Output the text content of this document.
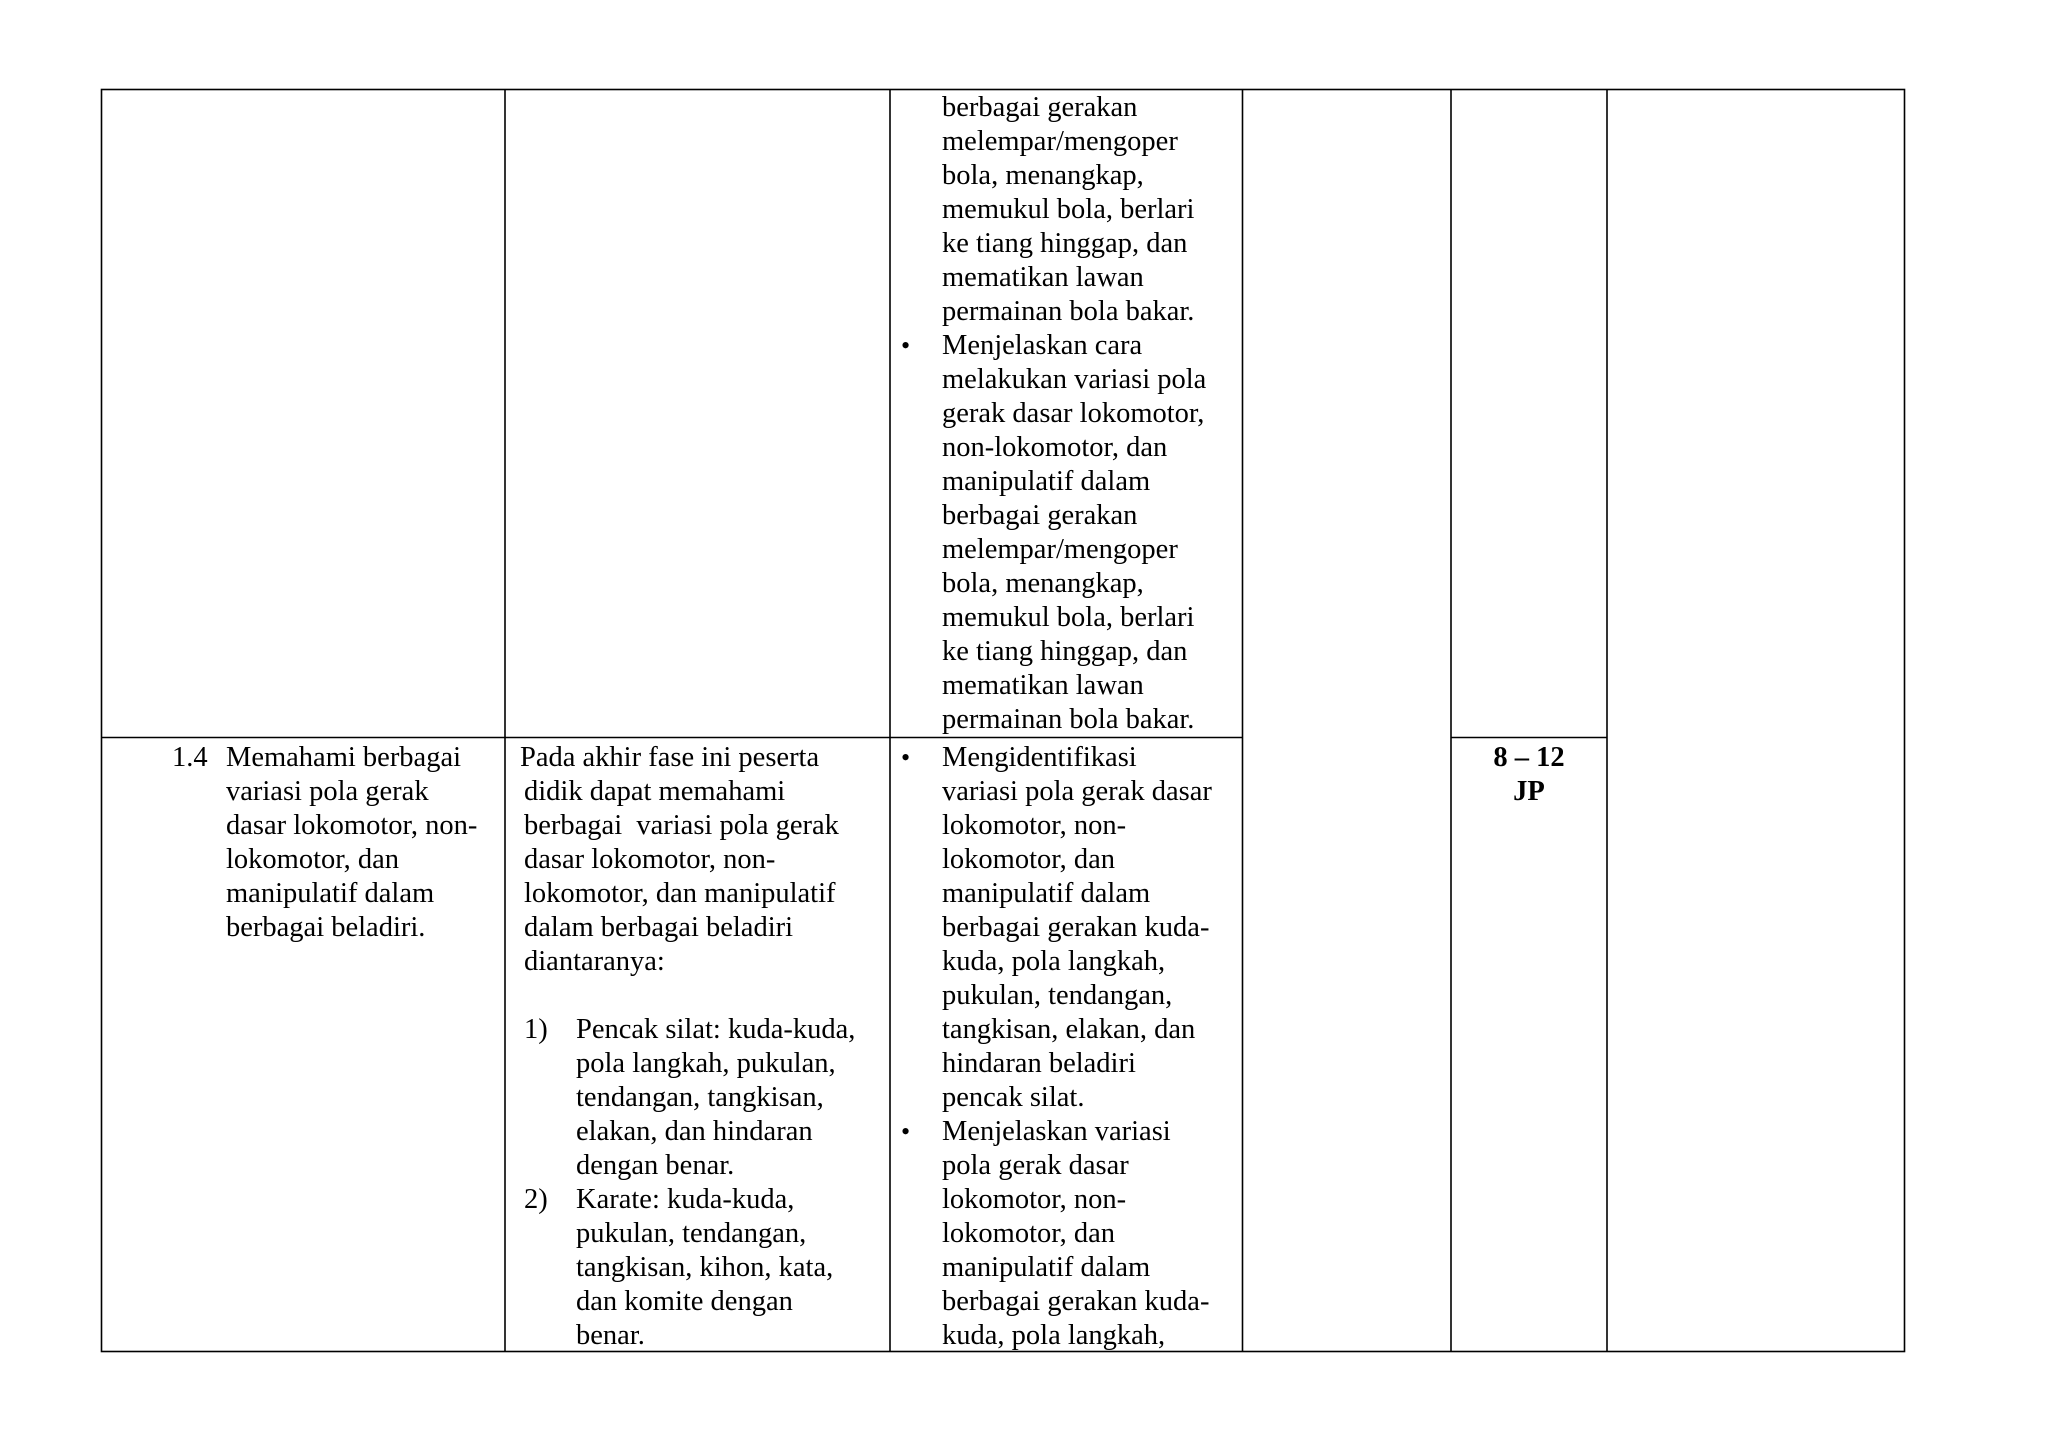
berbagai gerakan
melempar/mengoper
bola, menangkap,
memukul bola, berlari
ke tiang hinggap, dan
mematikan lawan
permainan bola bakar.
• Menjelaskan cara
melakukan variasi pola
gerak dasar lokomotor,
non-lokomotor, dan
manipulatif dalam
berbagai gerakan
melempar/mengoper
bola, menangkap,
memukul bola, berlari
ke tiang hinggap, dan
mematikan lawan
permainan bola bakar.
1.4 Memahami berbagai
variasi pola gerak
dasar lokomotor, non-
lokomotor, dan
manipulatif dalam
berbagai beladiri.
Pada akhir fase ini peserta
didik dapat memahami
berbagai  variasi pola gerak
dasar lokomotor, non-
lokomotor, dan manipulatif
dalam berbagai beladiri
diantaranya:
1) Pencak silat: kuda-kuda,
pola langkah, pukulan,
tendangan, tangkisan,
elakan, dan hindaran
dengan benar.
2) Karate: kuda-kuda,
pukulan, tendangan,
tangkisan, kihon, kata,
dan komite dengan
benar.
• Mengidentifikasi
variasi pola gerak dasar
lokomotor, non-
lokomotor, dan
manipulatif dalam
berbagai gerakan kuda-
kuda, pola langkah,
pukulan, tendangan,
tangkisan, elakan, dan
hindaran beladiri
pencak silat.
• Menjelaskan variasi
pola gerak dasar
lokomotor, non-
lokomotor, dan
manipulatif dalam
berbagai gerakan kuda-
kuda, pola langkah,
8 – 12
JP
